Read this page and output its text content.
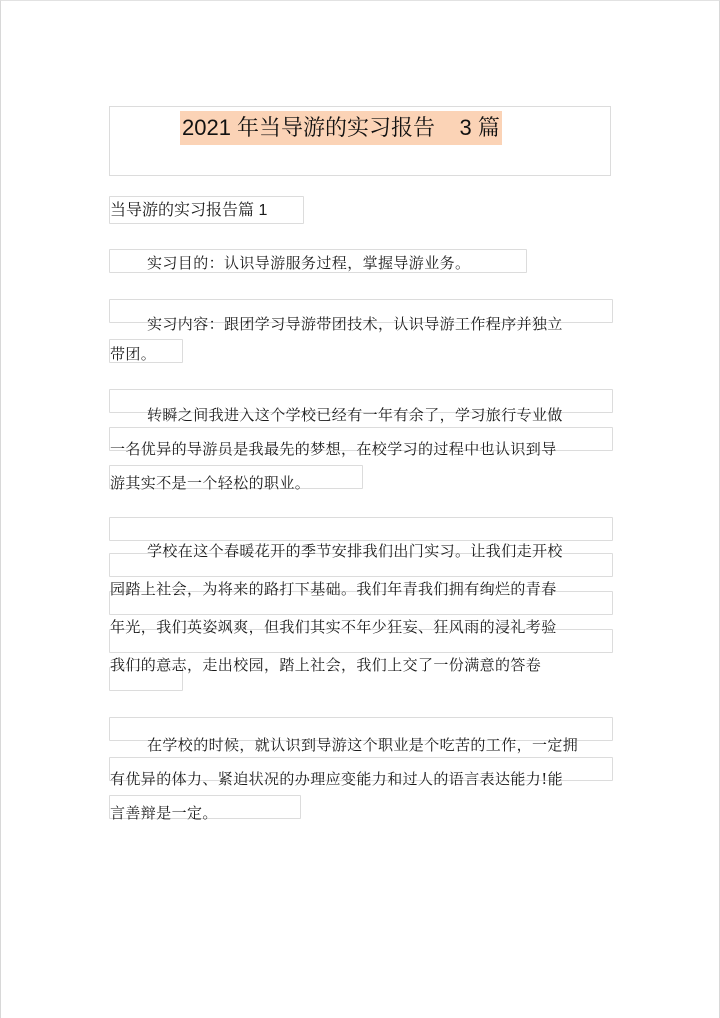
2021 年当导游的实习报告    3 篇
当导游的实习报告篇 1
实习目的：认识导游服务过程，掌握导游业务。
实习内容：跟团学习导游带团技术，认识导游工作程序并独立
带团。
转瞬之间我进入这个学校已经有一年有余了，学习旅行专业做
一名优异的导游员是我最先的梦想，在校学习的过程中也认识到导
游其实不是一个轻松的职业。
学校在这个春暖花开的季节安排我们出门实习。让我们走开校
园踏上社会，为将来的路打下基础。我们年青我们拥有绚烂的青春
年光，我们英姿飒爽，但我们其实不年少狂妄、狂风雨的浸礼考验
我们的意志，走出校园，踏上社会，我们上交了一份满意的答卷
在学校的时候，就认识到导游这个职业是个吃苦的工作，一定拥
有优异的体力、紧迫状况的办理应变能力和过人的语言表达能力!能
言善辩是一定。
